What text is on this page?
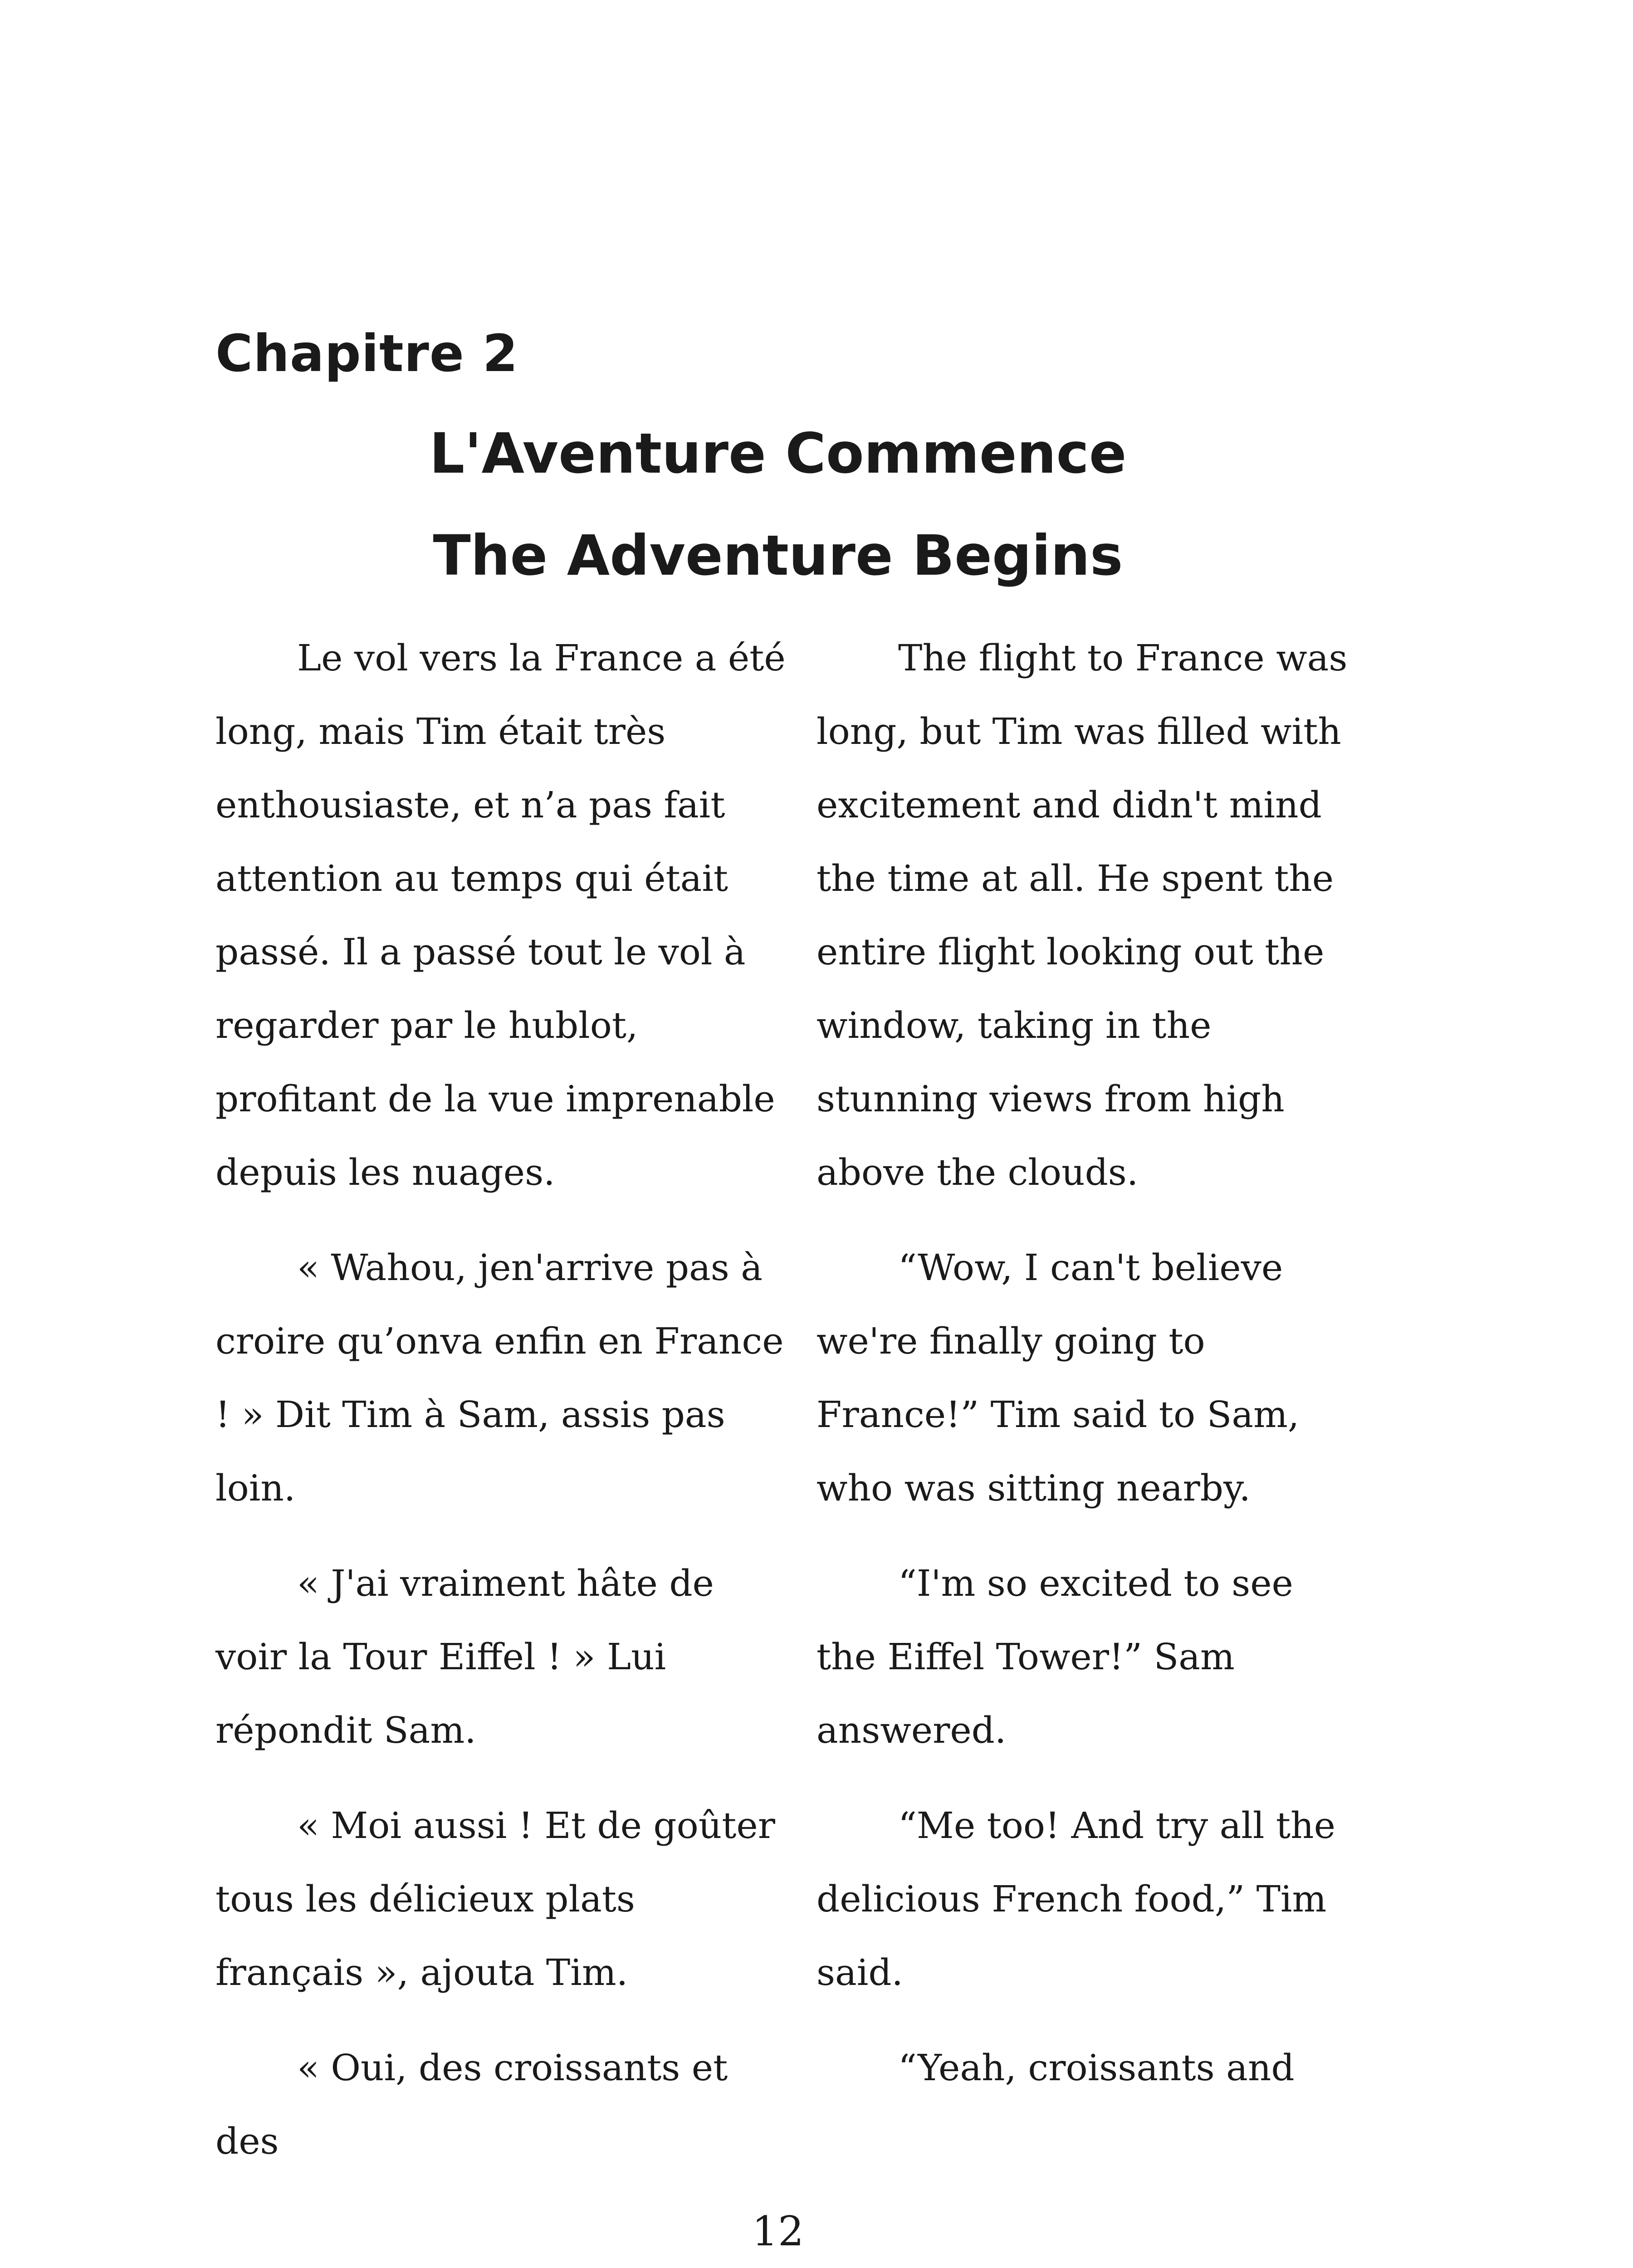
Chapitre 2
L'Aventure Commence
The Adventure Begins

Le vol vers la France a été long, mais Tim était très enthousiaste, et n’a pas fait attention au temps qui était passé. Il a passé tout le vol à regarder par le hublot, profitant de la vue imprenable depuis les nuages.

« Wahou, jen'arrive pas à croire qu’onva enfin en France ! » Dit Tim à Sam, assis pas loin.

« J'ai vraiment hâte de voir la Tour Eiffel ! » Lui répondit Sam.

« Moi aussi ! Et de goûter tous les délicieux plats français », ajouta Tim.

« Oui, des croissants et des

The flight to France was long, but Tim was filled with excitement and didn't mind the time at all. He spent the entire flight looking out the window, taking in the stunning views from high above the clouds.

“Wow, I can't believe we're finally going to France!” Tim said to Sam, who was sitting nearby.

“I'm so excited to see the Eiffel Tower!” Sam answered.

“Me too! And try all the delicious French food,” Tim said.

“Yeah, croissants and

12
